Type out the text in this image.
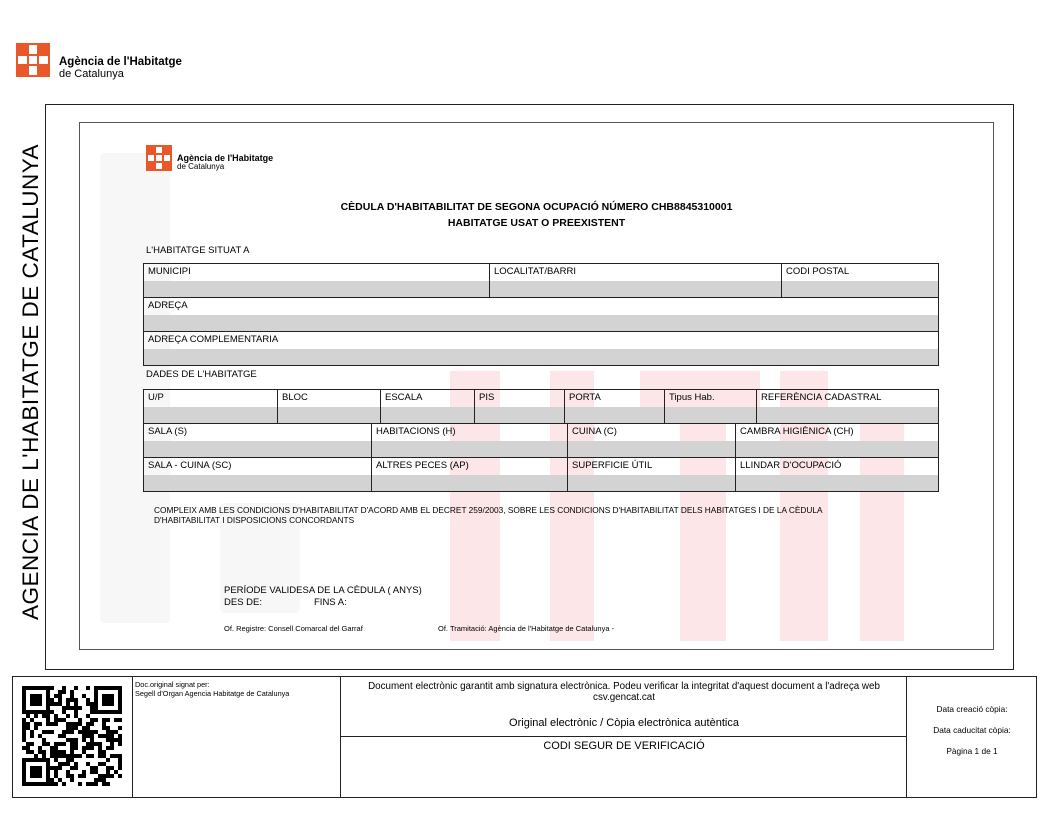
Agència de l'Habitatge
de Catalunya
AGENCIA DE L'HABITATGE DE CATALUNYA	Agència de l'Habitatge
de Catalunya
CÈDULA D'HABITABILITAT DE SEGONA OCUPACIÓ NÚMERO CHB8845310001
HABITATGE USAT O PREEXISTENT
L'HABITATGE SITUAT A
MUNICIPI	LOCALITAT/BARRI	CODI POSTAL

ADREÇA

ADREÇA COMPLEMENTARIA
DADES DE L'HABITATGE
U/P	BLOC	ESCALA	PIS	PORTA	Tipus Hab.	REFERÈNCIA CADASTRAL
SALA (S)	HABITACIONS (H)	CUINA (C)	CAMBRA HIGIÈNICA (CH)

SALA - CUINA (SC)	ALTRES PECES (AP)	SUPERFICIE ÚTIL	LLINDAR D'OCUPACIÓ
COMPLEIX AMB LES CONDICIONS D'HABITABILITAT D'ACORD AMB EL DECRET 259/2003, SOBRE LES CONDICIONS D'HABITABILITAT DELS HABITATGES I DE LA CÈDULA
D'HABITABILITAT I DISPOSICIONS CONCORDANTS
PERÍODE VALIDESA DE LA CÈDULA ( ANYS)
DES DE:	FINS A:
Of. Registre: Consell Comarcal del Garraf	Of. Tramitació: Agència de l'Habitatge de Catalunya -
Doc.original signat per:
Segell d'Organ Agencia Habitatge de Catalunya
Document electrònic garantit amb signatura electrònica. Podeu verificar la integritat d'aquest document a l'adreça web
csv.gencat.cat
Original electrònic / Còpia electrònica autèntica
CODI SEGUR DE VERIFICACIÓ
Data creació còpia:
Data caducitat còpia:
Pàgina 1 de 1
